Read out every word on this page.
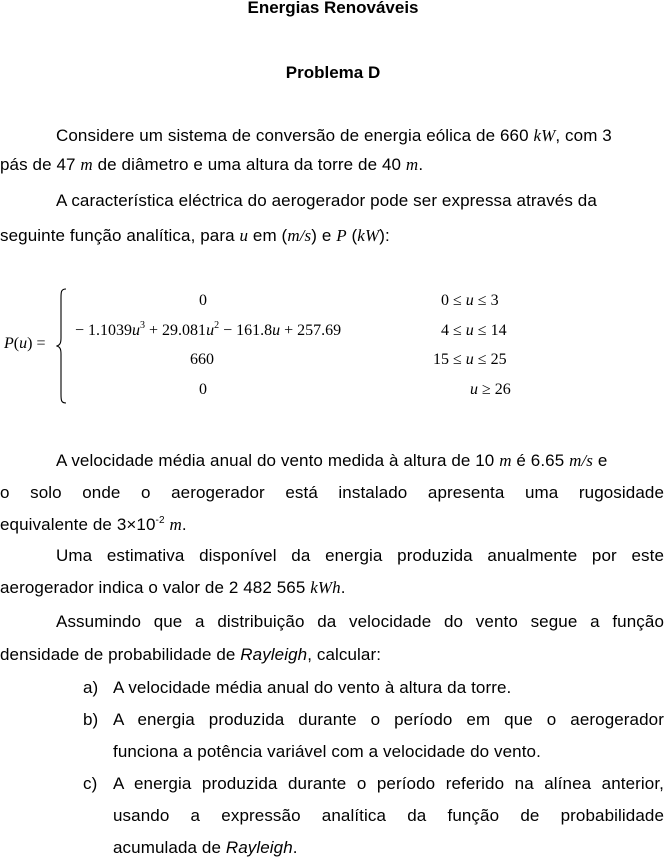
Energias Renováveis
Problema D
Considere um sistema de conversão de energia eólica de 660 kW, com 3
pás de 47 m de diâmetro e uma altura da torre de 40 m.
A característica eléctrica do aerogerador pode ser expressa através da
seguinte função analítica, para u em (m/s) e P (kW):
P(u) =
0	0 ≤ u ≤ 3
− $1.1039u^3 + 29.081u^2 - 161.8u + 257.69$	4 ≤ u ≤ 14
660	15 ≤ u ≤ 25
0	u ≥ 26
A velocidade média anual do vento medida à altura de 10 m é 6.65 m/s e
o solo onde o aerogerador está instalado apresenta uma rugosidade
equivalente de $3\times 10^{-2}$ m.
Uma estimativa disponível da energia produzida anualmente por este
aerogerador indica o valor de 2 482 565 kWh.
Assumindo que a distribuição da velocidade do vento segue a função
densidade de probabilidade de Rayleigh, calcular:
a) A velocidade média anual do vento à altura da torre.
b) A energia produzida durante o período em que o aerogerador
funciona a potência variável com a velocidade do vento.
c) A energia produzida durante o período referido na alínea anterior,
usando a expressão analítica da função de probabilidade
acumulada de Rayleigh.
